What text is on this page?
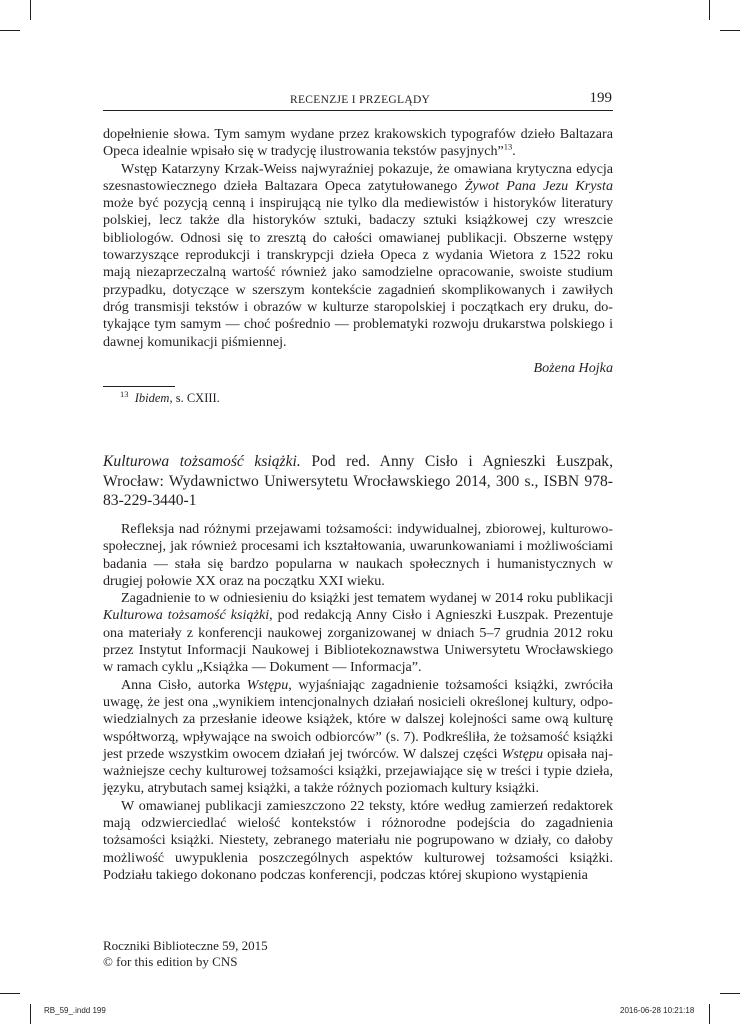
RECENZJE I PRZEGLĄDY	199

dopełnienie słowa. Tym samym wydane przez krakowskich typografów dzieło Baltazara Opeca idealnie wpisało się w tradycję ilustrowania tekstów pasyjnych”$^{13}$.

Wstęp Katarzyny Krzak-Weiss najwyraźniej pokazuje, że omawiana krytyczna edycja szesnastowiecznego dzieła Baltazara Opeca zatytułowanego Żywot Pana Jezu Krysta może być pozycją cenną i inspirującą nie tylko dla mediewistów i historyków literatury polskiej, lecz także dla historyków sztuki, badaczy sztuki książkowej czy wreszcie bibliologów. Odnosi się to zresztą do całości omawianej publikacji. Obszerne wstępy towarzyszące reprodukcji i transkrypcji dzieła Opeca z wydania Wietora z 1522 roku mają niezaprzeczalną wartość również jako samodzielne opracowanie, swoiste studium przypadku, dotyczące w szerszym kontekście zagadnień skomplikowanych i zawiłych dróg transmisji tekstów i obrazów w kulturze staropolskiej i początkach ery druku, dotykające tym samym — choć pośrednio — problematyki rozwoju drukarstwa polskiego i dawnej komunikacji piśmiennej.

Bożena Hojka

$^{13}$ Ibidem, s. CXIII.

Kulturowa tożsamość książki. Pod red. Anny Cisło i Agnieszki Łuszpak, Wrocław: Wydawnictwo Uniwersytetu Wrocławskiego 2014, 300 s., ISBN 978-83-229-3440-1

Refleksja nad różnymi przejawami tożsamości: indywidualnej, zbiorowej, kulturowo-społecznej, jak również procesami ich kształtowania, uwarunkowaniami i możliwościami badania — stała się bardzo popularna w naukach społecznych i humanistycznych w drugiej połowie XX oraz na początku XXI wieku.

Zagadnienie to w odniesieniu do książki jest tematem wydanej w 2014 roku publikacji Kulturowa tożsamość książki, pod redakcją Anny Cisło i Agnieszki Łuszpak. Prezentuje ona materiały z konferencji naukowej zorganizowanej w dniach 5–7 grudnia 2012 roku przez Instytut Informacji Naukowej i Bibliotekoznawstwa Uniwersytetu Wrocławskiego w ramach cyklu „Książka — Dokument — Informacja”.

Anna Cisło, autorka Wstępu, wyjaśniając zagadnienie tożsamości książki, zwróciła uwagę, że jest ona „wynikiem intencjonalnych działań nosicieli określonej kultury, odpowiedzialnych za przesłanie ideowe książek, które w dalszej kolejności same ową kulturę współtworzą, wpływające na swoich odbiorców” (s. 7). Podkreśliła, że tożsamość książki jest przede wszystkim owocem działań jej twórców. W dalszej części Wstępu opisała najważniejsze cechy kulturowej tożsamości książki, przejawiające się w treści i typie dzieła, języku, atrybutach samej książki, a także różnych poziomach kultury książki.

W omawianej publikacji zamieszczono 22 teksty, które według zamierzeń redaktorek mają odzwierciedlać wielość kontekstów i różnorodne podejścia do zagadnienia tożsamości książki. Niestety, zebranego materiału nie pogrupowano w działy, co dałoby możliwość uwypuklenia poszczególnych aspektów kulturowej tożsamości książki. Podziału takiego dokonano podczas konferencji, podczas której skupiono wystąpienia

Roczniki Biblioteczne 59, 2015
© for this edition by CNS
RB_59_.indd 199	2016-06-28 10:21:18
